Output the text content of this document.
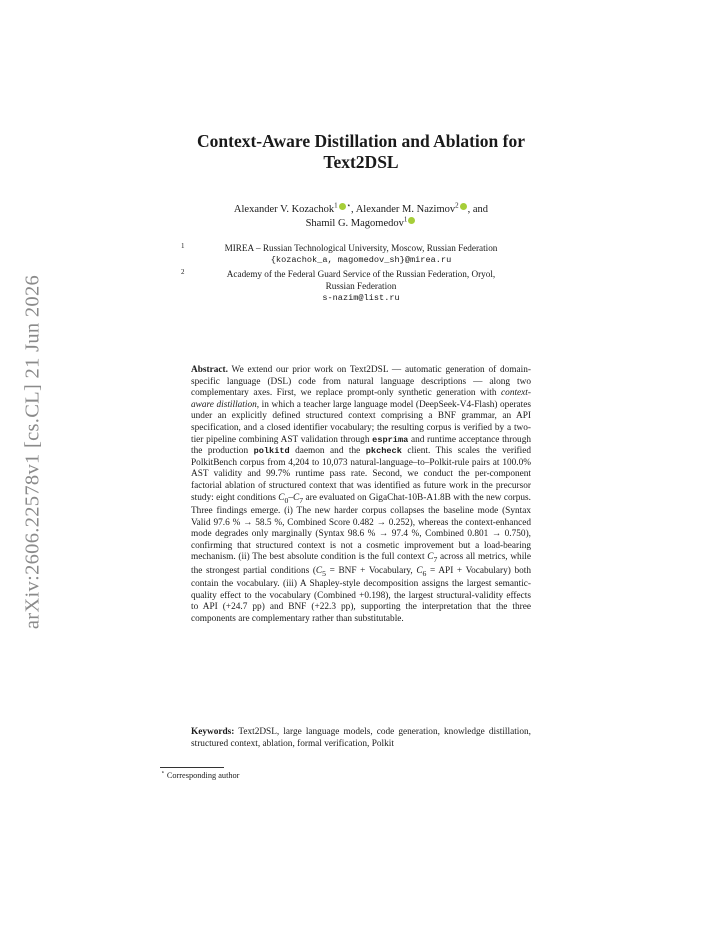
arXiv:2606.22578v1 [cs.CL] 21 Jun 2026
Context-Aware Distillation and Ablation for
Text2DSL
Alexander V. Kozachok$^1$ ⋆, Alexander M. Nazimov$^2$ , and
Shamil G. Magomedov$^1$
1	MIREA – Russian Technological University, Moscow, Russian Federation
{kozachok_a, magomedov_sh}@mirea.ru
2	Academy of the Federal Guard Service of the Russian Federation, Oryol,
Russian Federation
s-nazim@list.ru
Abstract. We extend our prior work on Text2DSL — automatic generation of domain-specific language (DSL) code from natural language descriptions — along two complementary axes. First, we replace prompt-only synthetic generation with context-aware distillation, in which a teacher large language model (DeepSeek-V4-Flash) operates under an explicitly defined structured context comprising a BNF grammar, an API specification, and a closed identifier vocabulary; the resulting corpus is verified by a two-tier pipeline combining AST validation through esprima and runtime acceptance through the production polkitd daemon and the pkcheck client. This scales the verified PolkitBench corpus from 4,204 to 10,073 natural-language–to–Polkit-rule pairs at 100.0% AST validity and 99.7% runtime pass rate. Second, we conduct the per-component factorial ablation of structured context that was identified as future work in the precursor study: eight conditions $C_0-C_7$ are evaluated on GigaChat-10B-A1.8B with the new corpus. Three findings emerge. (i) The new harder corpus collapses the baseline mode (Syntax Valid 97.6 % → 58.5 %, Combined Score 0.482 → 0.252), whereas the context-enhanced mode degrades only marginally (Syntax 98.6 % → 97.4 %, Combined 0.801 → 0.750), confirming that structured context is not a cosmetic improvement but a load-bearing mechanism. (ii) The best absolute condition is the full context $C_7$ across all metrics, while the strongest partial conditions ($C_5$ = BNF + Vocabulary, $C_6$ = API + Vocabulary) both contain the vocabulary. (iii) A Shapley-style decomposition assigns the largest semantic-quality effect to the vocabulary (Combined +0.198), the largest structural-validity effects to API (+24.7 pp) and BNF (+22.3 pp), supporting the interpretation that the three components are complementary rather than substitutable.
Keywords: Text2DSL, large language models, code generation, knowledge distillation, structured context, ablation, formal verification, Polkit
⋆ Corresponding author
